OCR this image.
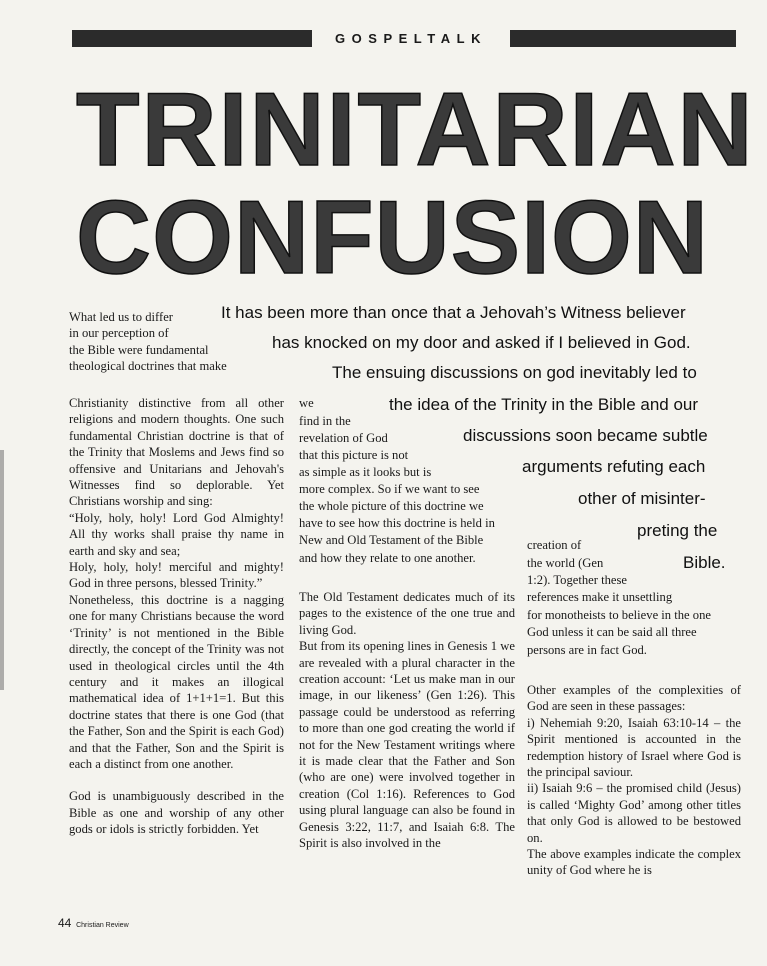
GOSPELTALK
TRINITARIAN
CONFUSION
It has been more than once that a Jehovah’s Witness believer
has knocked on my door and asked if I believed in God.
The ensuing discussions on god inevitably led to
the idea of the Trinity in the Bible and our
discussions soon became subtle
arguments refuting each
other of misinter-
preting the
Bible.
What led us to differ
in our perception of
the Bible were fundamental
theological doctrines that make

Christianity distinctive from all other religions and modern thoughts. One such fundamental Christian doctrine is that of the Trinity that Moslems and Jews find so offensive and Unitarians and Jehovah's Witnesses find so deplorable. Yet Christians worship and sing:

“Holy, holy, holy! Lord God Almighty! All thy works shall praise thy name in earth and sky and sea;

Holy, holy, holy! merciful and mighty! God in three persons, blessed Trinity.”

Nonetheless, this doctrine is a nagging one for many Christians because the word ‘Trinity’ is not mentioned in the Bible directly, the concept of the Trinity was not used in theological circles until the 4th century and it makes an illogical mathematical idea of 1+1+1=1. But this doctrine states that there is one God (that the Father, Son and the Spirit is each God) and that the Father, Son and the Spirit is each a distinct from one another.

God is unambiguously described in the Bible as one and worship of any other gods or idols is strictly forbidden. Yet

we
find in the
revelation of God
that this picture is not
as simple as it looks but is
more complex. So if we want to see
the whole picture of this doctrine we
have to see how this doctrine is held in
New and Old Testament of the Bible
and how they relate to one another.

The Old Testament dedicates much of its pages to the existence of the one true and living God.

But from its opening lines in Genesis 1 we are revealed with a plural character in the creation account: ‘Let us make man in our image, in our likeness’ (Gen 1:26). This passage could be understood as referring to more than one god creating the world if not for the New Testament writings where it is made clear that the Father and Son (who are one) were involved together in creation (Col 1:16). References to God using plural language can also be found in Genesis 3:22, 11:7, and Isaiah 6:8. The Spirit is also involved in the

creation of
the world (Gen
1:2). Together these
references make it unsettling
for monotheists to believe in the one
God unless it can be said all three
persons are in fact God.

Other examples of the complexities of God are seen in these passages:

i) Nehemiah 9:20, Isaiah 63:10-14 – the Spirit mentioned is accounted in the redemption history of Israel where God is the principal saviour.

ii) Isaiah 9:6 – the promised child (Jesus) is called ‘Mighty God’ among other titles that only God is allowed to be bestowed on.

The above examples indicate the complex unity of God where he is

44 Christian Review
